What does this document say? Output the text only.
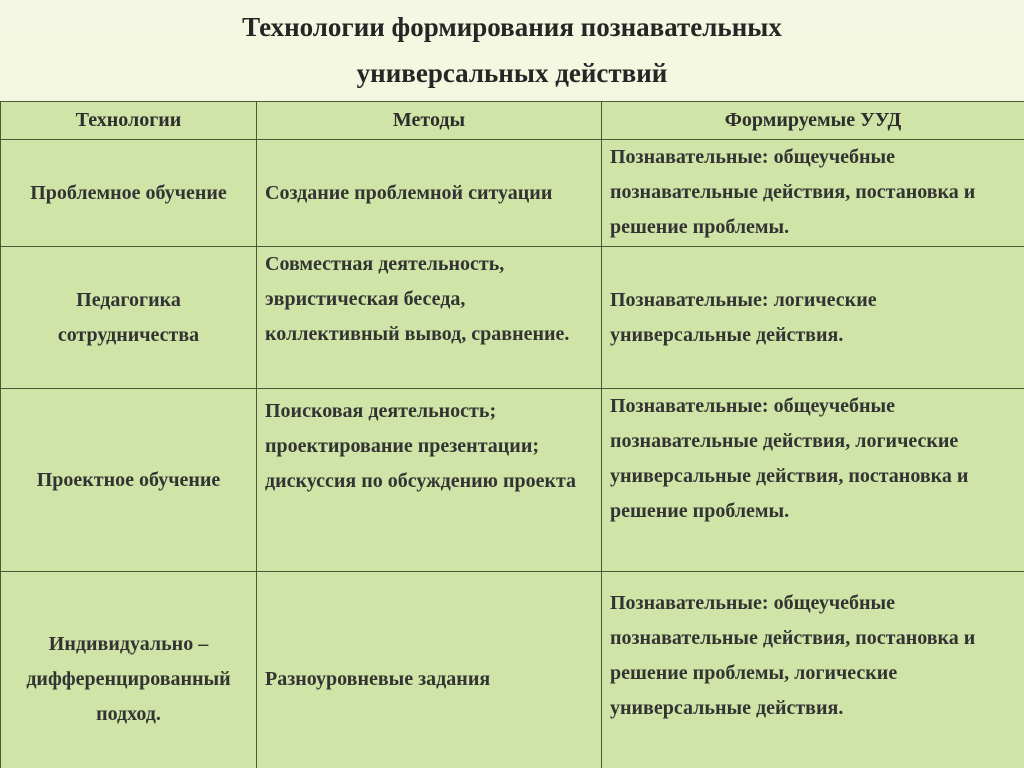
Технологии формирования познавательных
универсальных действий
Технологии	Методы	Формируемые УУД
Проблемное обучение	Создание проблемной ситуации	Познавательные: общеучебные познавательные действия, постановка и решение проблемы.
Педагогика сотрудничества	Совместная деятельность, эвристическая беседа, коллективный вывод, сравнение.	Познавательные: логические универсальные действия.
Проектное обучение	Поисковая деятельность; проектирование презентации; дискуссия по обсуждению проекта	Познавательные: общеучебные познавательные действия, логические универсальные действия, постановка и решение проблемы.
Индивидуально – дифференцированный подход.	Разноуровневые задания	Познавательные: общеучебные познавательные действия, постановка и решение проблемы, логические универсальные действия.
